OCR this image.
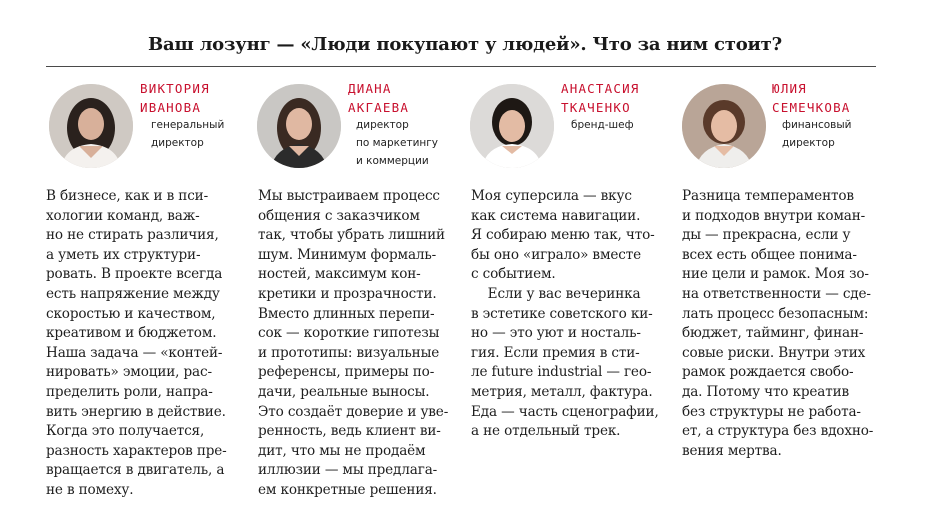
Ваш лозунг — «Люди покупают у людей». Что за ним стоит?
ВИКТОРИЯ
ИВАНОВА
генеральный
директор

В бизнесе, как и в пси-
хологии команд, важ-
но не стирать различия,
а уметь их структури-
ровать. В проекте всегда
есть напряжение между
скоростью и качеством,
креативом и бюджетом.
Наша задача — «контей-
нировать» эмоции, рас-
пределить роли, напра-
вить энергию в действие.
Когда это получается,
разность характеров пре-
вращается в двигатель, а
не в помеху.

ДИАНА
АКГАЕВА
директор
по маркетингу
и коммерции

Мы выстраиваем процесс
общения с заказчиком
так, чтобы убрать лишний
шум. Минимум формаль-
ностей, максимум кон-
кретики и прозрачности.
Вместо длинных перепи-
сок — короткие гипотезы
и прототипы: визуальные
референсы, примеры по-
дачи, реальные выносы.
Это создаёт доверие и уве-
ренность, ведь клиент ви-
дит, что мы не продаём
иллюзии — мы предлага-
ем конкретные решения.

АНАСТАСИЯ
ТКАЧЕНКО
бренд-шеф

Моя суперсила — вкус
как система навигации.
Я собираю меню так, что-
бы оно «играло» вместе
с событием.

Если у вас вечеринка
в эстетике советского ки-
но — это уют и носталь-
гия. Если премия в сти-
ле future industrial — гео-
метрия, металл, фактура.
Еда — часть сценографии,
а не отдельный трек.

ЮЛИЯ
СЕМЕЧКОВА
финансовый
директор

Разница темпераментов
и подходов внутри коман-
ды — прекрасна, если у
всех есть общее понима-
ние цели и рамок. Моя зо-
на ответственности — сде-
лать процесс безопасным:
бюджет, тайминг, финан-
совые риски. Внутри этих
рамок рождается свобо-
да. Потому что креатив
без структуры не работа-
ет, а структура без вдохно-
вения мертва.
